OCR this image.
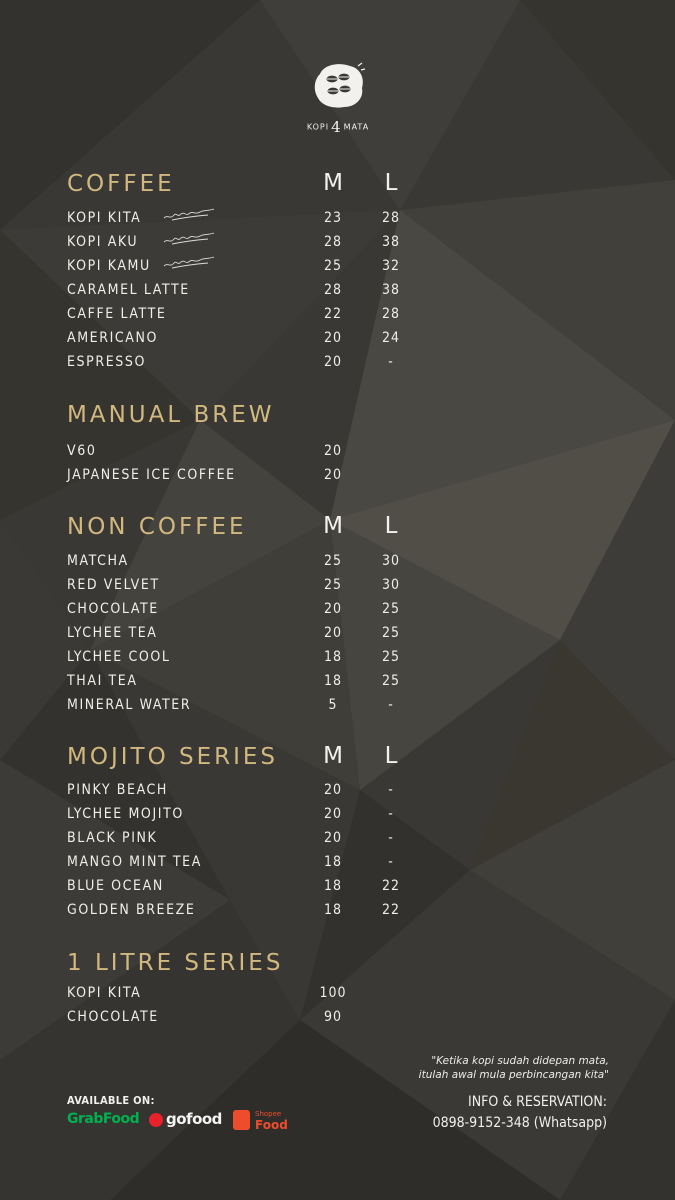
KOPI 4 MATA
COFFEE	M	L
KOPI KITA	23	28
KOPI AKU	28	38
KOPI KAMU	25	32
CARAMEL LATTE	28	38
CAFFE LATTE	22	28
AMERICANO	20	24
ESPRESSO	20	-
MANUAL BREW
V60	20
JAPANESE ICE COFFEE	20
NON COFFEE	M	L
MATCHA	25	30
RED VELVET	25	30
CHOCOLATE	20	25
LYCHEE TEA	20	25
LYCHEE COOL	18	25
THAI TEA	18	25
MINERAL WATER	5	-
MOJITO SERIES	M	L
PINKY BEACH	20	-
LYCHEE MOJITO	20	-
BLACK PINK	20	-
MANGO MINT TEA	18	-
BLUE OCEAN	18	22
GOLDEN BREEZE	18	22
1 LITRE SERIES
KOPI KITA	100
CHOCOLATE	90
"Ketika kopi sudah didepan mata,
itulah awal mula perbincangan kita"
INFO & RESERVATION:
0898-9152-348 (Whatsapp)
AVAILABLE ON:
GrabFood gofood	Shopee
Food
